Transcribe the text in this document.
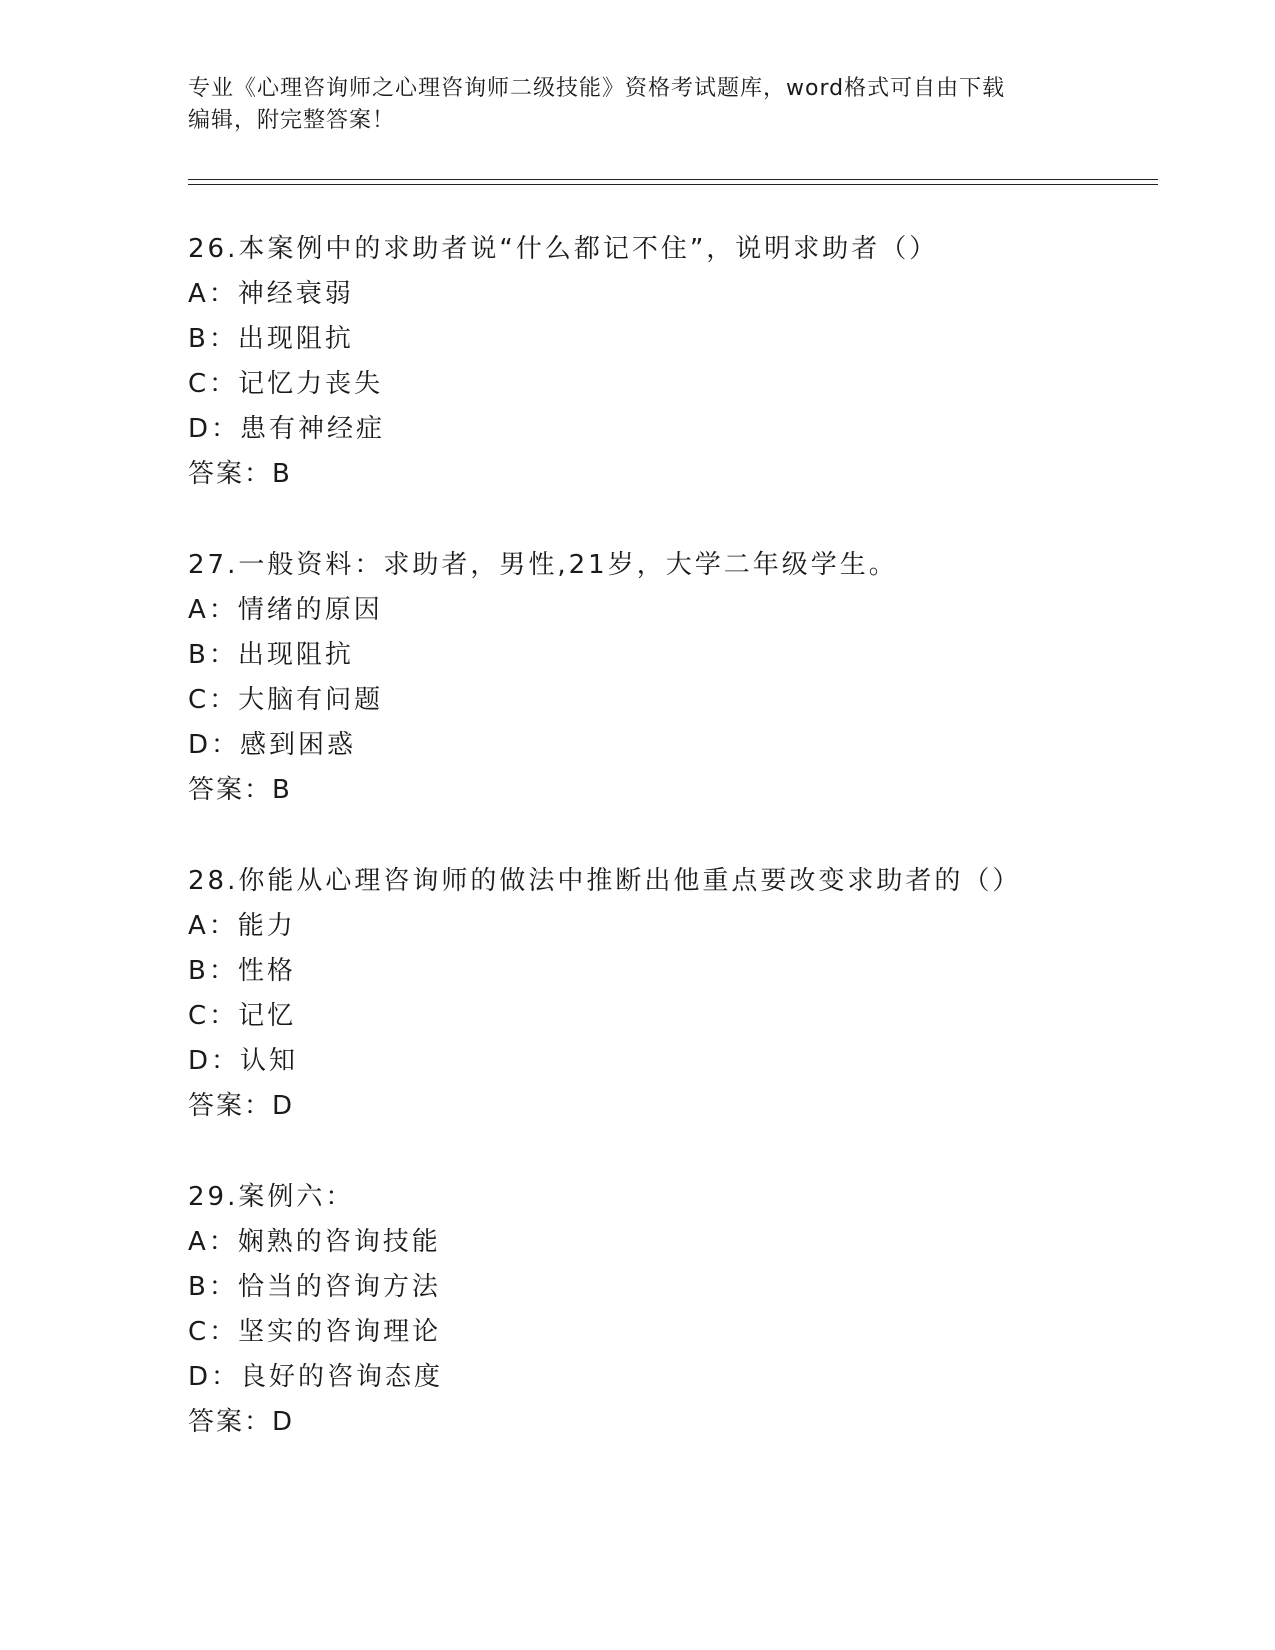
专业《心理咨询师之心理咨询师二级技能》资格考试题库，word格式可自由下载
编辑，附完整答案！
26.本案例中的求助者说“什么都记不住”，说明求助者（）
A：神经衰弱
B：出现阻抗
C：记忆力丧失
D：患有神经症
答案：B
27.一般资料：求助者，男性,21岁，大学二年级学生。
A：情绪的原因
B：出现阻抗
C：大脑有问题
D：感到困惑
答案：B
28.你能从心理咨询师的做法中推断出他重点要改变求助者的（）
A：能力
B：性格
C：记忆
D：认知
答案：D
29.案例六：
A：娴熟的咨询技能
B：恰当的咨询方法
C：坚实的咨询理论
D：良好的咨询态度
答案：D
